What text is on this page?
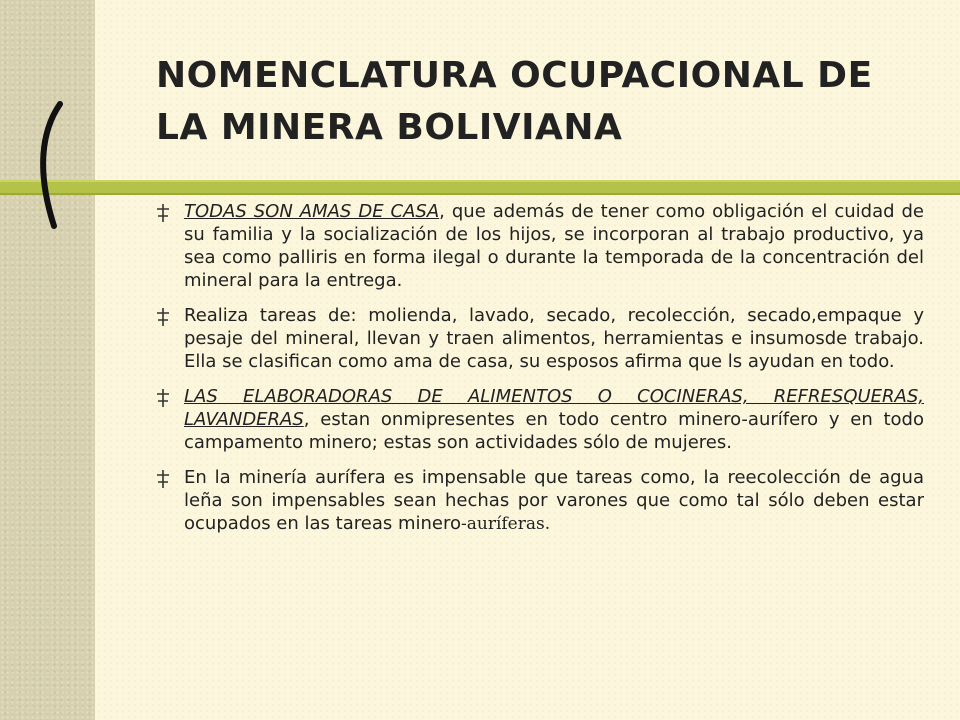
NOMENCLATURA OCUPACIONAL DE
LA MINERA BOLIVIANA

TODAS SON AMAS DE CASA, que además de tener como obligación el cuidad de su familia y la socialización de los hijos, se incorporan al trabajo productivo, ya sea como palliris en forma ilegal o durante la temporada de la concentración del mineral para la entrega.

Realiza tareas de: molienda, lavado, secado, recolección, secado,empaque y pesaje del mineral, llevan y traen alimentos, herramientas e insumosde trabajo. Ella se clasifican como ama de casa, su esposos afirma que ls ayudan en todo.

LAS ELABORADORAS DE ALIMENTOS O COCINERAS, REFRESQUERAS, LAVANDERAS, estan onmipresentes en todo centro minero-aurífero y en todo campamento minero; estas son actividades sólo de mujeres.

En la minería aurífera es impensable que tareas como, la reecolección de agua leña son impensables sean hechas por varones que como tal sólo deben estar ocupados en las tareas minero-auríferas.
